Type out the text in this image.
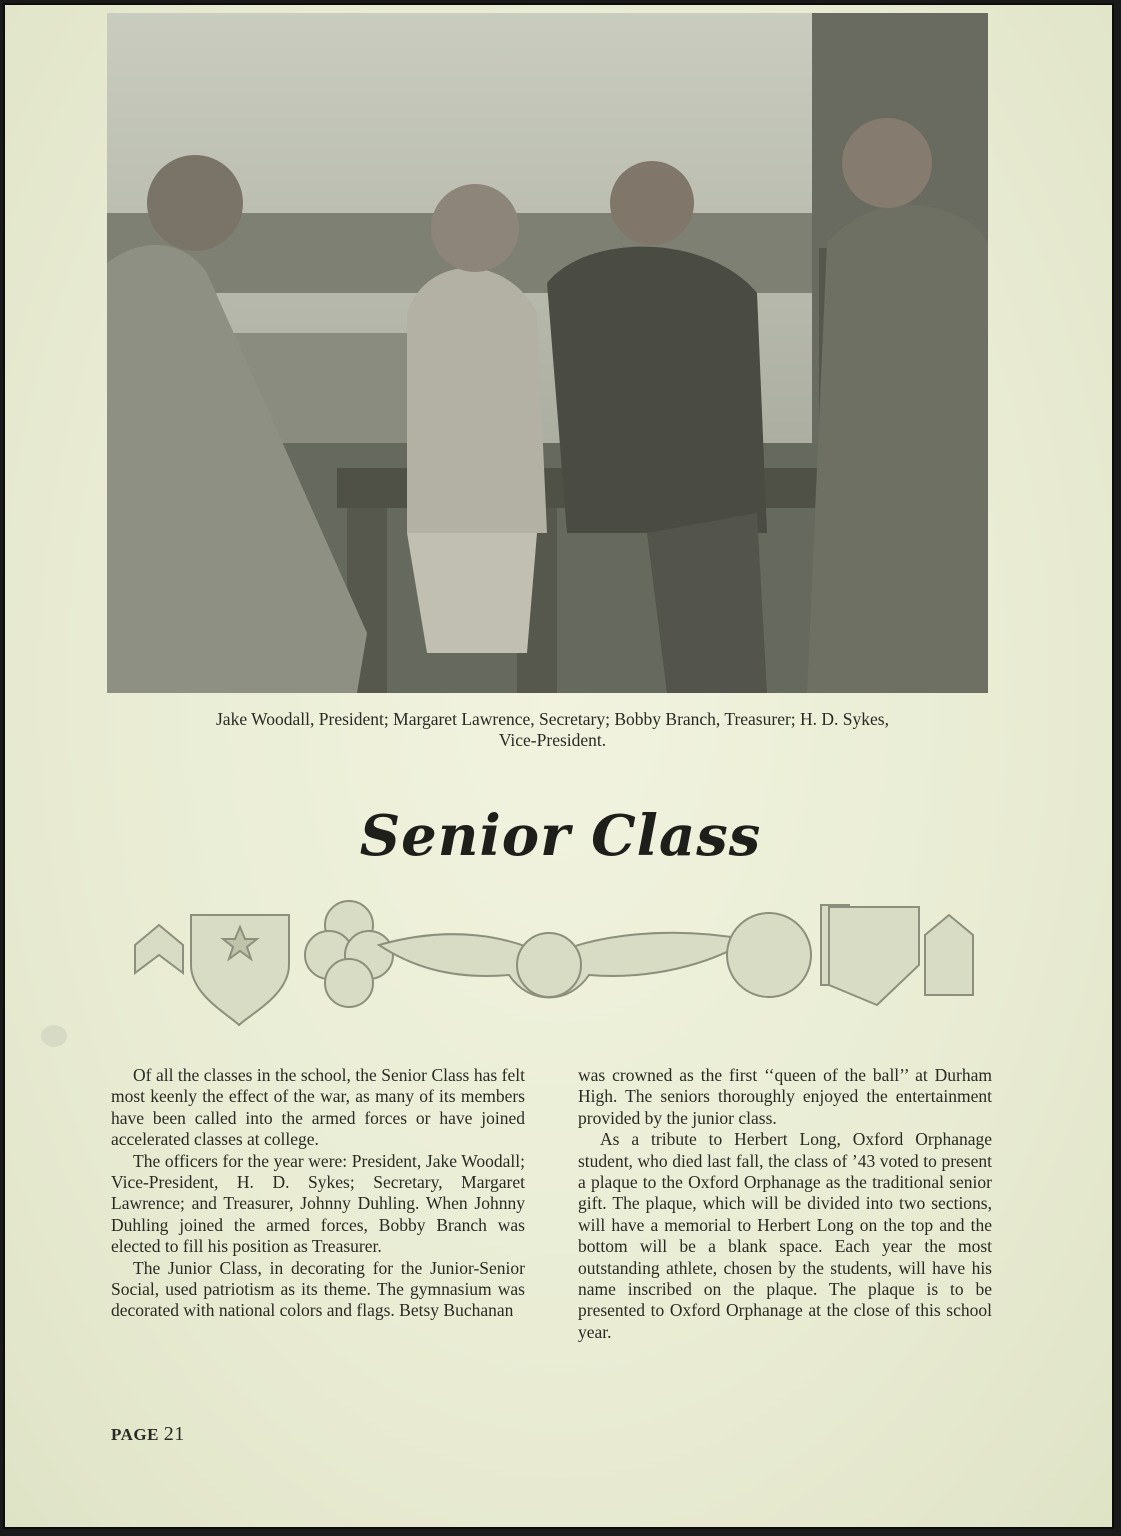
Jake Woodall, President; Margaret Lawrence, Secretary; Bobby Branch, Treasurer; H. D. Sykes,
Vice-President.
Senior Class

Of all the classes in the school, the Senior Class has felt most keenly the effect of the war, as many of its members have been called into the armed forces or have joined accelerated classes at college.

The officers for the year were: President, Jake Woodall; Vice-President, H. D. Sykes; Secretary, Margaret Lawrence; and Treasurer, Johnny Duhling. When Johnny Duhling joined the armed forces, Bobby Branch was elected to fill his position as Treasurer.

The Junior Class, in decorating for the Junior-Senior Social, used patriotism as its theme. The gymnasium was decorated with national colors and flags. Betsy Buchanan

was crowned as the first ‘‘queen of the ball’’ at Durham High. The seniors thoroughly enjoyed the entertainment provided by the junior class.

As a tribute to Herbert Long, Oxford Orphanage student, who died last fall, the class of ’43 voted to present a plaque to the Oxford Orphanage as the traditional senior gift. The plaque, which will be divided into two sections, will have a memorial to Herbert Long on the top and the bottom will be a blank space. Each year the most outstanding athlete, chosen by the students, will have his name inscribed on the plaque. The plaque is to be presented to Oxford Orphanage at the close of this school year.

PAGE 21
